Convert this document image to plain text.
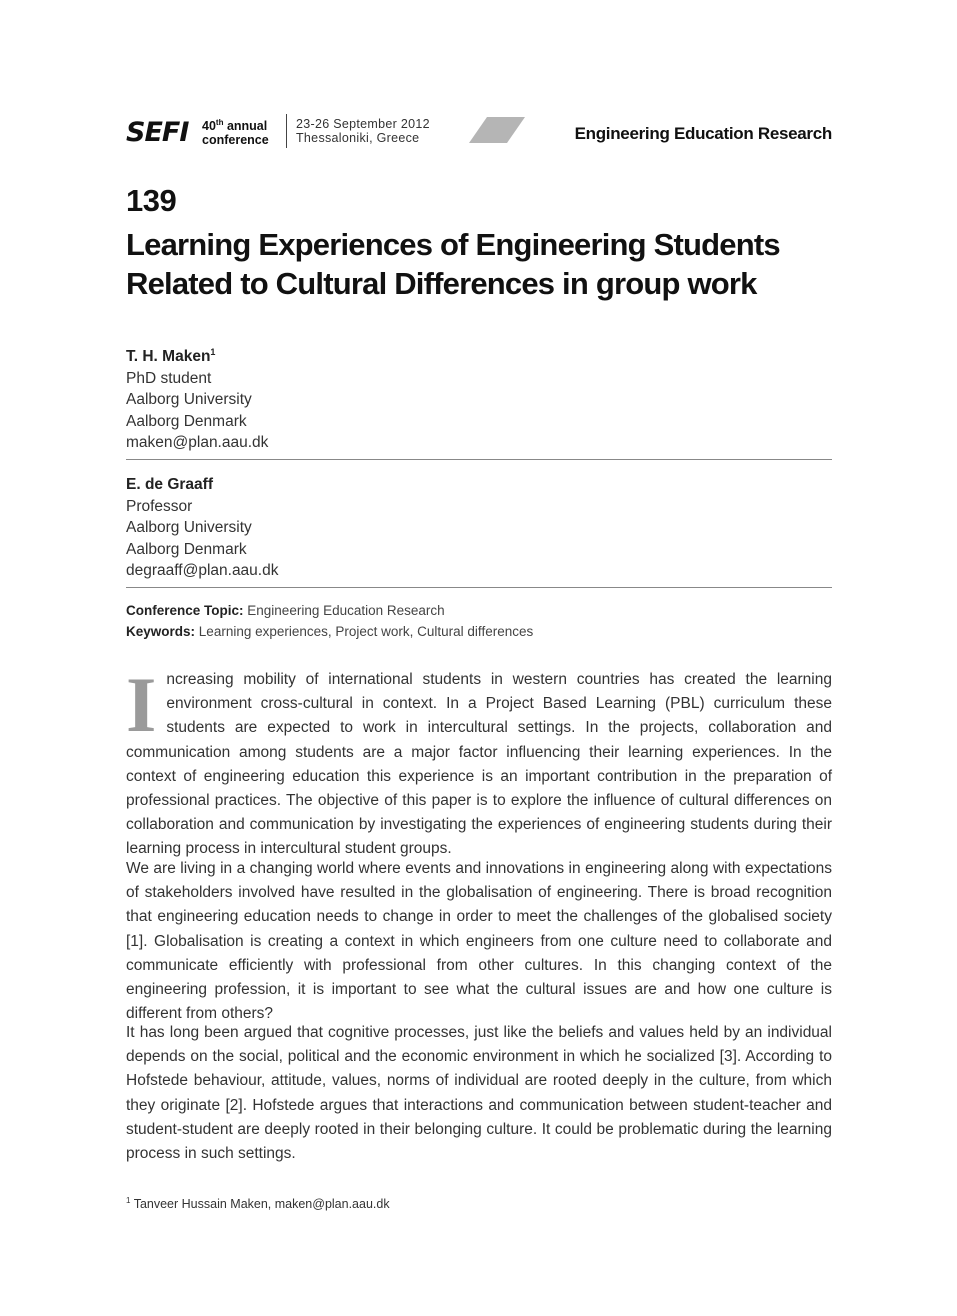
SEFI 40th annual
conference
23-26 September 2012
Thessaloniki, Greece	Engineering Education Research
139
Learning Experiences of Engineering Students
Related to Cultural Differences in group work
T. H. Maken$^1$
PhD student
Aalborg University
Aalborg Denmark
maken@plan.aau.dk
E. de Graaff
Professor
Aalborg University
Aalborg Denmark
degraaff@plan.aau.dk
Conference Topic: Engineering Education Research
Keywords: Learning experiences, Project work, Cultural differences

Increasing mobility of international students in western countries has created the learning environment cross-cultural in context. In a Project Based Learning (PBL) curriculum these students are expected to work in intercultural settings. In the projects, collaboration and communication among students are a major factor influencing their learning experiences. In the context of engineering education this experience is an important contribution in the preparation of professional practices. The objective of this paper is to explore the influence of cultural differences on collaboration and communication by investigating the experiences of engineering students during their learning process in intercultural student groups.

We are living in a changing world where events and innovations in engineering along with expectations of stakeholders involved have resulted in the globalisation of engineering. There is broad recognition that engineering education needs to change in order to meet the challenges of the globalised society [1]. Globalisation is creating a context in which engineers from one culture need to collaborate and communicate efficiently with professional from other cultures. In this changing context of the engineering profession, it is important to see what the cultural issues are and how one culture is different from others?

It has long been argued that cognitive processes, just like the beliefs and values held by an individual depends on the social, political and the economic environment in which he socialized [3]. According to Hofstede behaviour, attitude, values, norms of individual are rooted deeply in the culture, from which they originate [2]. Hofstede argues that interactions and communication between student-teacher and student-student are deeply rooted in their belonging culture. It could be problematic during the learning process in such settings.

$^1$ Tanveer Hussain Maken, maken@plan.aau.dk
